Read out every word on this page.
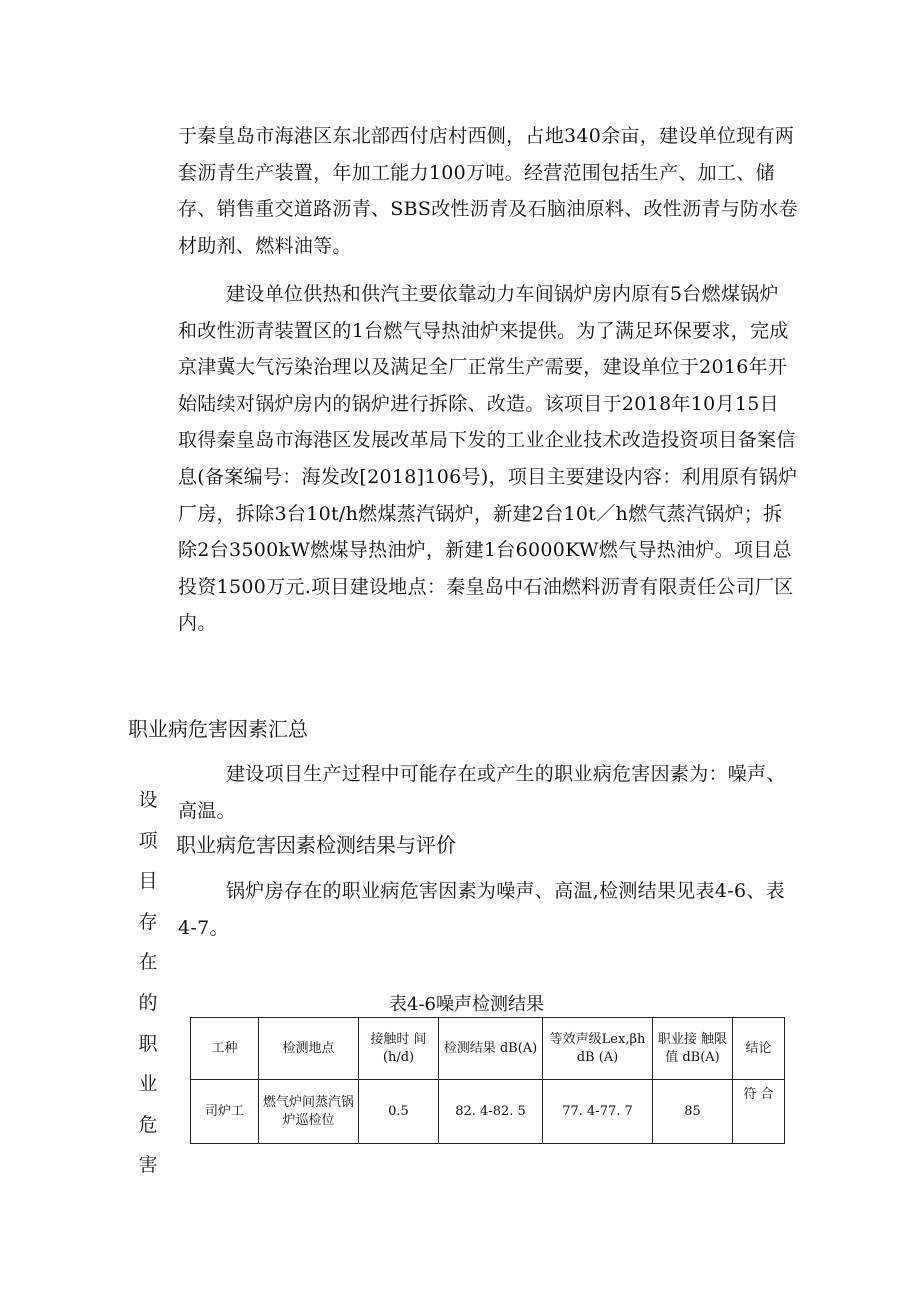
于秦皇岛市海港区东北部西付店村西侧，占地340余亩，建设单位现有两套沥青生产装置，年加工能力100万吨。经营范围包括生产、加工、储存、销售重交道路沥青、SBS改性沥青及石脑油原料、改性沥青与防水卷材助剂、燃料油等。

建设单位供热和供汽主要依靠动力车间锅炉房内原有5台燃煤锅炉和改性沥青装置区的1台燃气导热油炉来提供。为了满足环保要求，完成京津冀大气污染治理以及满足全厂正常生产需要，建设单位于2016年开始陆续对锅炉房内的锅炉进行拆除、改造。该项目于2018年10月15日取得秦皇岛市海港区发展改革局下发的工业企业技术改造投资项目备案信息(备案编号：海发改[2018]106号)，项目主要建设内容：利用原有锅炉厂房，拆除3台10t/h燃煤蒸汽锅炉，新建2台10t／h燃气蒸汽锅炉；拆除2台3500kW燃煤导热油炉，新建1台6000KW燃气导热油炉。项目总投资1500万元.项目建设地点：秦皇岛中石油燃料沥青有限责任公司厂区内。

职业病危害因素汇总
设
项
目
存
在
的
职
业
危
害

建设项目生产过程中可能存在或产生的职业病危害因素为：噪声、高温。

职业病危害因素检测结果与评价

锅炉房存在的职业病危害因素为噪声、高温,检测结果见表4-6、表4-7。

表4-6噪声检测结果
工种	检测地点	接触时 间(h/d)	检测结果 dB(A)	等效声级Lex,βh dB (A)	职业接 触限值 dB(A)	结论
司炉工	燃气炉间蒸汽锅炉巡检位	0.5	82. 4-82. 5	77. 4-77. 7	85	符 合
